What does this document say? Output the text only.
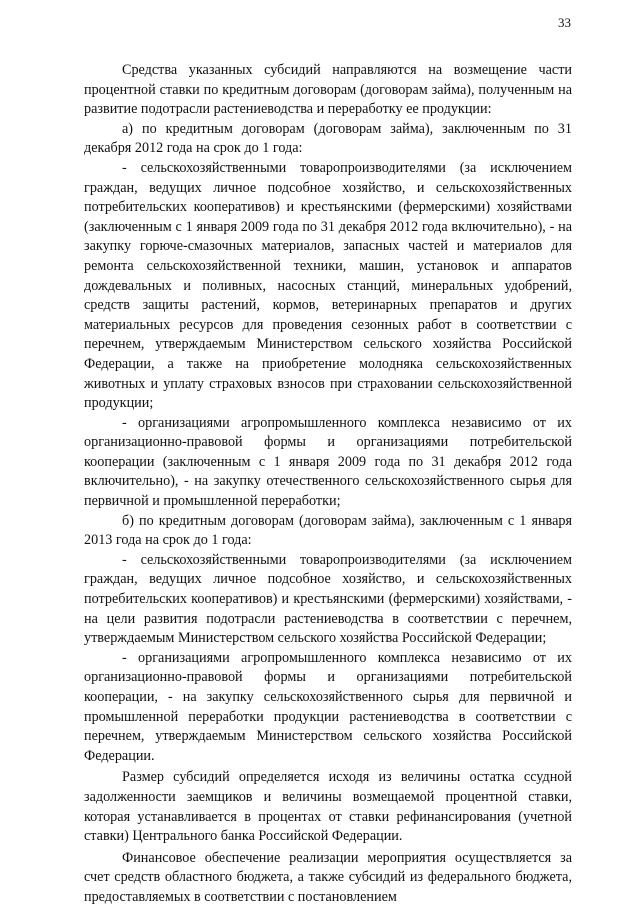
33

Средства указанных субсидий направляются на возмещение части процентной ставки по кредитным договорам (договорам займа), полученным на развитие подотрасли растениеводства и переработку ее продукции:

а) по кредитным договорам (договорам займа), заключенным по 31 декабря 2012 года на срок до 1 года:

- сельскохозяйственными товаропроизводителями (за исключением граждан, ведущих личное подсобное хозяйство, и сельскохозяйственных потребительских кооперативов) и крестьянскими (фермерскими) хозяйствами (заключенным с 1 января 2009 года по 31 декабря 2012 года включительно), - на закупку горюче-смазочных материалов, запасных частей и материалов для ремонта сельскохозяйственной техники, машин, установок и аппаратов дождевальных и поливных, насосных станций, минеральных удобрений, средств защиты растений, кормов, ветеринарных препаратов и других материальных ресурсов для проведения сезонных работ в соответствии с перечнем, утверждаемым Министерством сельского хозяйства Российской Федерации, а также на приобретение молодняка сельскохозяйственных животных и уплату страховых взносов при страховании сельскохозяйственной продукции;

- организациями агропромышленного комплекса независимо от их организационно-правовой формы и организациями потребительской кооперации (заключенным с 1 января 2009 года по 31 декабря 2012 года включительно), - на закупку отечественного сельскохозяйственного сырья для первичной и промышленной переработки;

б) по кредитным договорам (договорам займа), заключенным с 1 января 2013 года на срок до 1 года:

- сельскохозяйственными товаропроизводителями (за исключением граждан, ведущих личное подсобное хозяйство, и сельскохозяйственных потребительских кооперативов) и крестьянскими (фермерскими) хозяйствами, - на цели развития подотрасли растениеводства в соответствии с перечнем, утверждаемым Министерством сельского хозяйства Российской Федерации;

- организациями агропромышленного комплекса независимо от их организационно-правовой формы и организациями потребительской кооперации, - на закупку сельскохозяйственного сырья для первичной и промышленной переработки продукции растениеводства в соответствии с перечнем, утверждаемым Министерством сельского хозяйства Российской Федерации.

Размер субсидий определяется исходя из величины остатка ссудной задолженности заемщиков и величины возмещаемой процентной ставки, которая устанавливается в процентах от ставки рефинансирования (учетной ставки) Центрального банка Российской Федерации.

Финансовое обеспечение реализации мероприятия осуществляется за счет средств областного бюджета, а также субсидий из федерального бюджета, предоставляемых в соответствии с постановлением
